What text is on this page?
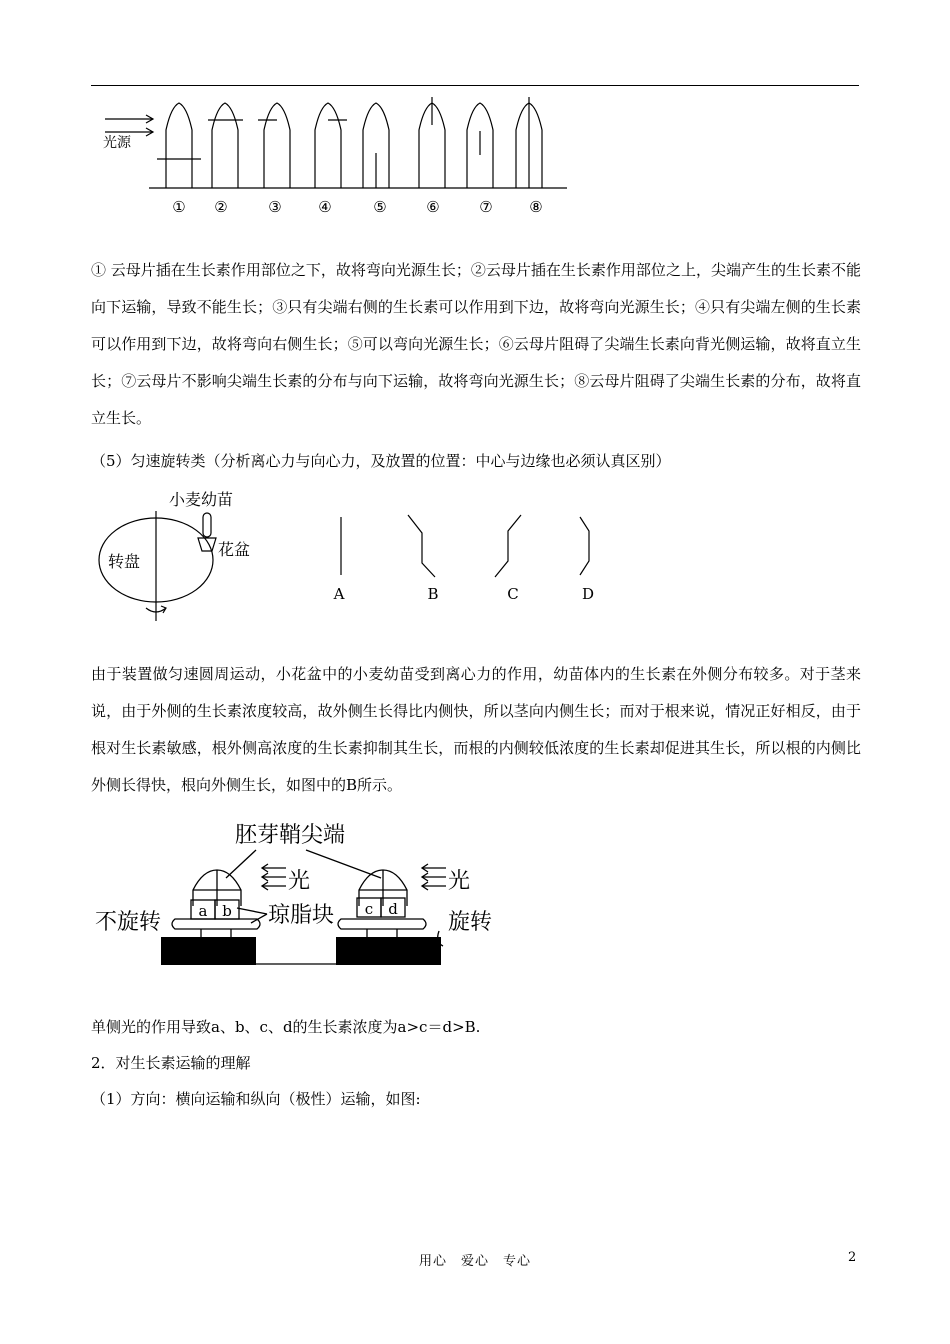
光源
① ②	③ ④	⑤	⑥	⑦ ⑧
① 云母片插在生长素作用部位之下，故将弯向光源生长；②云母片插在生长素作用部位之上，尖端产生的生长素不能向下运输，导致不能生长；③只有尖端右侧的生长素可以作用到下边，故将弯向光源生长；④只有尖端左侧的生长素可以作用到下边，故将弯向右侧生长；⑤可以弯向光源生长；⑥云母片阻碍了尖端生长素向背光侧运输，故将直立生长；⑦云母片不影响尖端生长素的分布与向下运输，故将弯向光源生长；⑧云母片阻碍了尖端生长素的分布，故将直立生长。
（5）匀速旋转类（分析离心力与向心力，及放置的位置：中心与边缘也必须认真区别）
小麦幼苗
花盆
转盘
A	B	C	D
由于装置做匀速圆周运动，小花盆中的小麦幼苗受到离心力的作用，幼苗体内的生长素在外侧分布较多。对于茎来说，由于外侧的生长素浓度较高，故外侧生长得比内侧快，所以茎向内侧生长；而对于根来说，情况正好相反，由于根对生长素敏感，根外侧高浓度的生长素抑制其生长，而根的内侧较低浓度的生长素却促进其生长，所以根的内侧比外侧长得快，根向外侧生长，如图中的B所示。
胚芽鞘尖端
a b	c d
光	光
琼脂块
不旋转	旋转
单侧光的作用导致a、b、c、d的生长素浓度为a>c＝d>B.
2．对生长素运输的理解
（1）方向：横向运输和纵向（极性）运输，如图:
用心　爱心　专心	2
